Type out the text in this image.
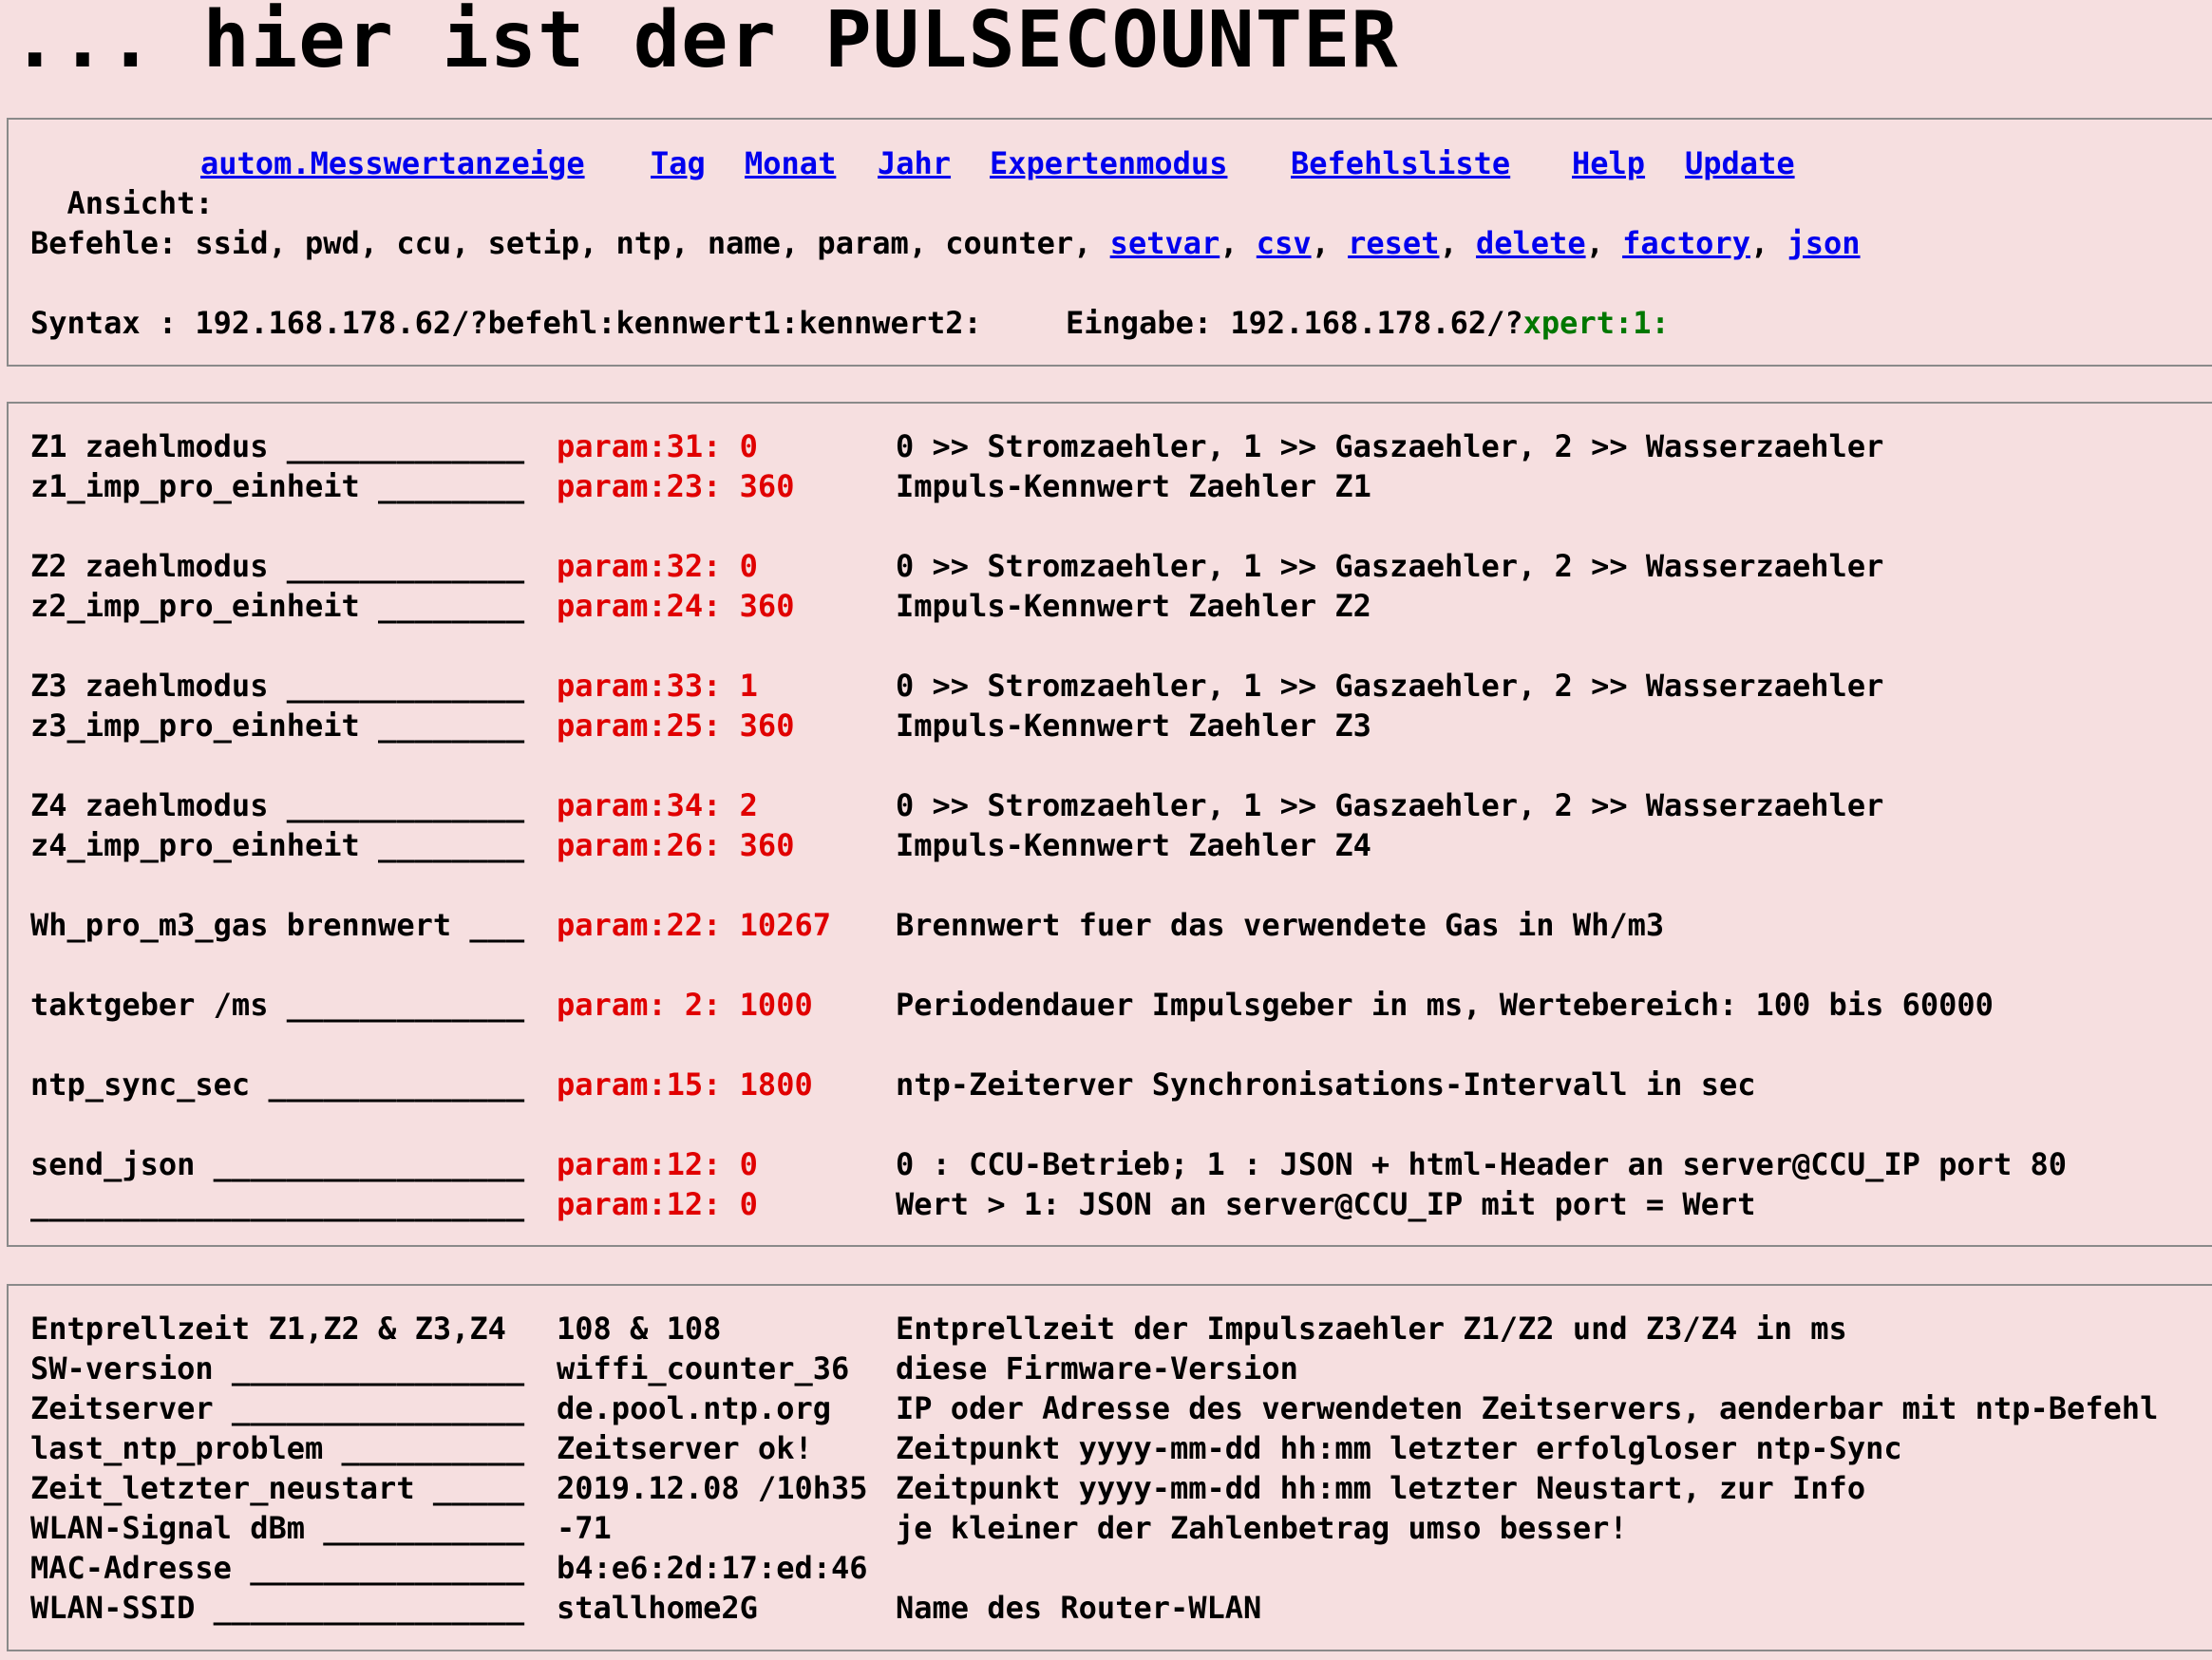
... hier ist der PULSECOUNTER

Ansicht:

autom.Messwertanzeige Tag Monat Jahr Expertenmodus Befehlsliste Help Update
Befehle: ssid, pwd, ccu, setip, ntp, name, param, counter, setvar, csv, reset, delete, factory, json
Syntax : 192.168.178.62/?befehl:kennwert1:kennwert2:	Eingabe: 192.168.178.62/?xpert:1:
Z1 zaehlmodus _____________ param:31: 0	0 >> Stromzaehler, 1 >> Gaszaehler, 2 >> Wasserzaehler
z1_imp_pro_einheit ________ param:23: 360	Impuls-Kennwert Zaehler Z1
Z2 zaehlmodus _____________ param:32: 0	0 >> Stromzaehler, 1 >> Gaszaehler, 2 >> Wasserzaehler
z2_imp_pro_einheit ________ param:24: 360	Impuls-Kennwert Zaehler Z2
Z3 zaehlmodus _____________ param:33: 1	0 >> Stromzaehler, 1 >> Gaszaehler, 2 >> Wasserzaehler
z3_imp_pro_einheit ________ param:25: 360	Impuls-Kennwert Zaehler Z3
Z4 zaehlmodus _____________ param:34: 2	0 >> Stromzaehler, 1 >> Gaszaehler, 2 >> Wasserzaehler
z4_imp_pro_einheit ________ param:26: 360	Impuls-Kennwert Zaehler Z4
Wh_pro_m3_gas brennwert ___ param:22: 10267 Brennwert fuer das verwendete Gas in Wh/m3
taktgeber /ms _____________ param: 2: 1000	Periodendauer Impulsgeber in ms, Wertebereich: 100 bis 60000
ntp_sync_sec ______________ param:15: 1800	ntp-Zeiterver Synchronisations-Intervall in sec
send_json _________________ param:12: 0	0 : CCU-Betrieb; 1 : JSON + html-Header an server@CCU_IP port 80
___________________________ param:12: 0	Wert > 1: JSON an server@CCU_IP mit port = Wert
Entprellzeit Z1,Z2 & Z3,Z4 108 & 108	Entprellzeit der Impulszaehler Z1/Z2 und Z3/Z4 in ms
SW-version ________________ wiffi_counter_36 diese Firmware-Version
Zeitserver ________________ de.pool.ntp.org IP oder Adresse des verwendeten Zeitservers, aenderbar mit ntp-Befehl
last_ntp_problem __________ Zeitserver ok!	Zeitpunkt yyyy-mm-dd hh:mm letzter erfolgloser ntp-Sync
Zeit_letzter_neustart _____ 2019.12.08 /10h35 Zeitpunkt yyyy-mm-dd hh:mm letzter Neustart, zur Info
WLAN-Signal dBm ___________ -71	je kleiner der Zahlenbetrag umso besser!
MAC-Adresse _______________ b4:e6:2d:17:ed:46
WLAN-SSID _________________ stallhome2G	Name des Router-WLAN
